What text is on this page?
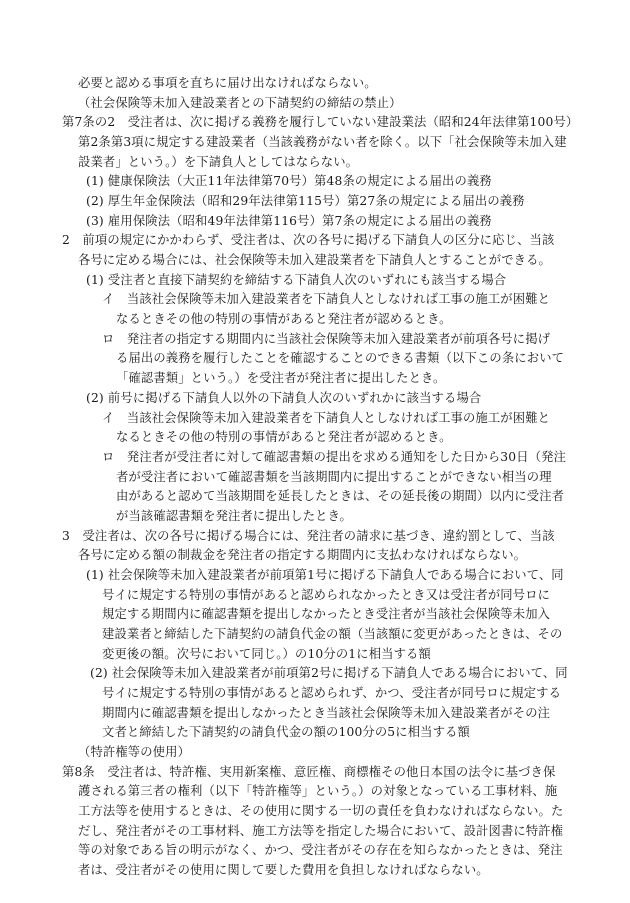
必要と認める事項を直ちに届け出なければならない。
（社会保険等未加入建設業者との下請契約の締結の禁止）
第7条の2　受注者は、次に掲げる義務を履行していない建設業法（昭和24年法律第100号）
第2条第3項に規定する建設業者（当該義務がない者を除く。以下「社会保険等未加入建
設業者」という。）を下請負人としてはならない。
(1) 健康保険法（大正11年法律第70号）第48条の規定による届出の義務
(2) 厚生年金保険法（昭和29年法律第115号）第27条の規定による届出の義務
(3) 雇用保険法（昭和49年法律第116号）第7条の規定による届出の義務
2　前項の規定にかかわらず、受注者は、次の各号に掲げる下請負人の区分に応じ、当該
各号に定める場合には、社会保険等未加入建設業者を下請負人とすることができる。
(1) 受注者と直接下請契約を締結する下請負人次のいずれにも該当する場合
イ　当該社会保険等未加入建設業者を下請負人としなければ工事の施工が困難と
なるときその他の特別の事情があると発注者が認めるとき。
ロ　発注者の指定する期間内に当該社会保険等未加入建設業者が前項各号に掲げ
る届出の義務を履行したことを確認することのできる書類（以下この条において
「確認書類」という。）を受注者が発注者に提出したとき。
(2) 前号に掲げる下請負人以外の下請負人次のいずれかに該当する場合
イ　当該社会保険等未加入建設業者を下請負人としなければ工事の施工が困難と
なるときその他の特別の事情があると発注者が認めるとき。
ロ　発注者が受注者に対して確認書類の提出を求める通知をした日から30日（発注
者が受注者において確認書類を当該期間内に提出することができない相当の理
由があると認めて当該期間を延長したときは、その延長後の期間）以内に受注者
が当該確認書類を発注者に提出したとき。
3　受注者は、次の各号に掲げる場合には、発注者の請求に基づき、違約罰として、当該
各号に定める額の制裁金を発注者の指定する期間内に支払わなければならない。
(1) 社会保険等未加入建設業者が前項第1号に掲げる下請負人である場合において、同
号イに規定する特別の事情があると認められなかったとき又は受注者が同号ロに
規定する期間内に確認書類を提出しなかったとき受注者が当該社会保険等未加入
建設業者と締結した下請契約の請負代金の額（当該額に変更があったときは、その
変更後の額。次号において同じ。）の10分の1に相当する額
(2) 社会保険等未加入建設業者が前項第2号に掲げる下請負人である場合において、同
号イに規定する特別の事情があると認められず、かつ、受注者が同号ロに規定する
期間内に確認書類を提出しなかったとき当該社会保険等未加入建設業者がその注
文者と締結した下請契約の請負代金の額の100分の5に相当する額
（特許権等の使用）
第8条　受注者は、特許権、実用新案権、意匠権、商標権その他日本国の法令に基づき保
護される第三者の権利（以下「特許権等」という。）の対象となっている工事材料、施
工方法等を使用するときは、その使用に関する一切の責任を負わなければならない。た
だし、発注者がその工事材料、施工方法等を指定した場合において、設計図書に特許権
等の対象である旨の明示がなく、かつ、受注者がその存在を知らなかったときは、発注
者は、受注者がその使用に関して要した費用を負担しなければならない。
